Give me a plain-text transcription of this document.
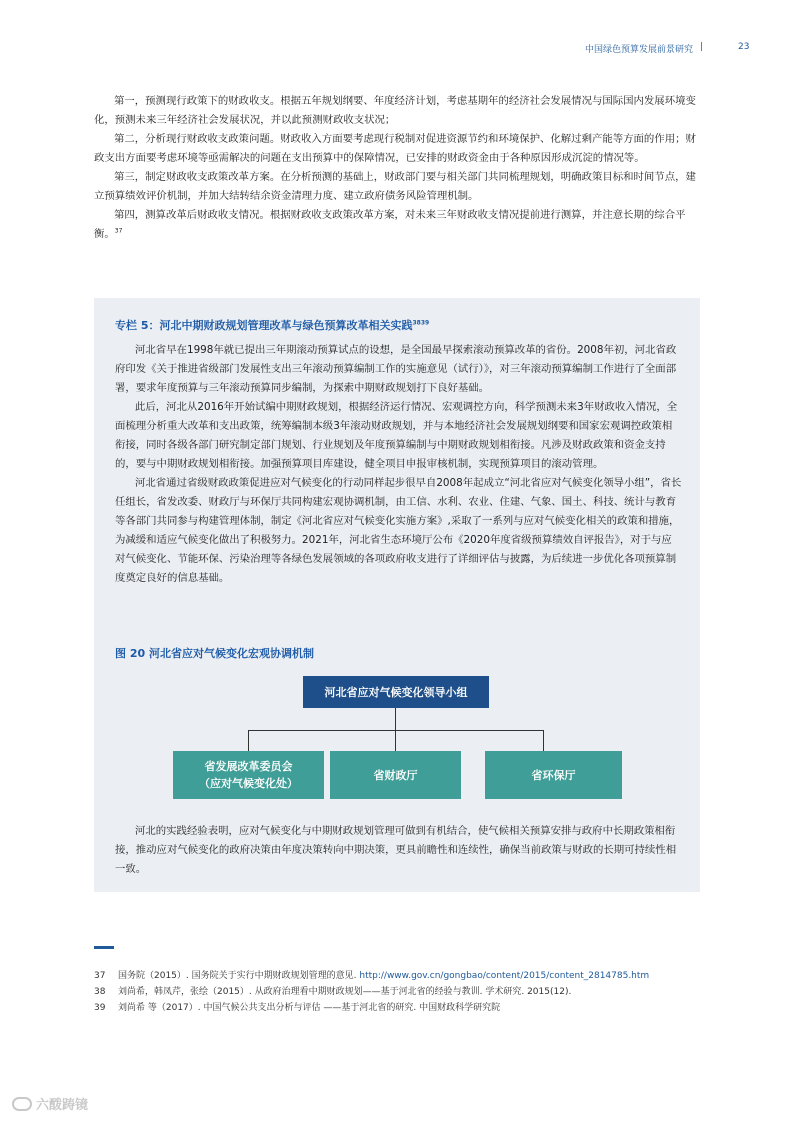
中国绿色预算发展前景研究 |	23

第一，预测现行政策下的财政收支。根据五年规划纲要、年度经济计划，考虑基期年的经济社会发展情况与国际国内发展环境变化，预测未来三年经济社会发展状况，并以此预测财政收支状况；

第二，分析现行财政收支政策问题。财政收入方面要考虑现行税制对促进资源节约和环境保护、化解过剩产能等方面的作用；财政支出方面要考虑环境等亟需解决的问题在支出预算中的保障情况，已安排的财政资金由于各种原因形成沉淀的情况等。

第三，制定财政收支政策改革方案。在分析预测的基础上，财政部门要与相关部门共同梳理规划，明确政策目标和时间节点，建立预算绩效评价机制，并加大结转结余资金清理力度、建立政府债务风险管理机制。

第四，测算改革后财政收支情况。根据财政收支政策改革方案，对未来三年财政收支情况提前进行测算，并注意长期的综合平衡。$^{37}$

专栏 5：河北中期财政规划管理改革与绿色预算改革相关实践$^{3839}$

河北省早在1998年就已提出三年期滚动预算试点的设想，是全国最早探索滚动预算改革的省份。2008年初，河北省政府印发《关于推进省级部门发展性支出三年滚动预算编制工作的实施意见（试行）》，对三年滚动预算编制工作进行了全面部署，要求年度预算与三年滚动预算同步编制，为探索中期财政规划打下良好基础。

此后，河北从2016年开始试编中期财政规划，根据经济运行情况、宏观调控方向，科学预测未来3年财政收入情况，全面梳理分析重大改革和支出政策，统筹编制本级3年滚动财政规划，并与本地经济社会发展规划纲要和国家宏观调控政策相衔接，同时各级各部门研究制定部门规划、行业规划及年度预算编制与中期财政规划相衔接。凡涉及财政政策和资金支持的，要与中期财政规划相衔接。加强预算项目库建设，健全项目申报审核机制，实现预算项目的滚动管理。

河北省通过省级财政政策促进应对气候变化的行动同样起步很早自2008年起成立“河北省应对气候变化领导小组”，省长任组长，省发改委、财政厅与环保厅共同构建宏观协调机制，由工信、水利、农业、住建、气象、国土、科技、统计与教育等各部门共同参与构建管理体制，制定《河北省应对气候变化实施方案》,采取了一系列与应对气候变化相关的政策和措施，为减缓和适应气候变化做出了积极努力。2021年，河北省生态环境厅公布《2020年度省级预算绩效自评报告》，对于与应对气候变化、节能环保、污染治理等各绿色发展领域的各项政府收支进行了详细评估与披露，为后续进一步优化各项预算制度奠定良好的信息基础。

图 20 河北省应对气候变化宏观协调机制
河北省应对气候变化领导小组
省发展改革委员会
（应对气候变化处）
省财政厅	省环保厅

河北的实践经验表明，应对气候变化与中期财政规划管理可做到有机结合，使气候相关预算安排与政府中长期政策相衔接，推动应对气候变化的政府决策由年度决策转向中期决策，更具前瞻性和连续性，确保当前政策与财政的长期可持续性相一致。

37 国务院（2015）. 国务院关于实行中期财政规划管理的意见. http://www.gov.cn/gongbao/content/2015/content_2814785.htm
38 刘尚希，韩凤芹，张绘（2015）. 从政府治理看中期财政规划——基于河北省的经验与教训. 学术研究. 2015(12).
39 刘尚希 等（2017）. 中国气候公共支出分析与评估 ——基于河北省的研究. 中国财政科学研究院
六酦踌镜
